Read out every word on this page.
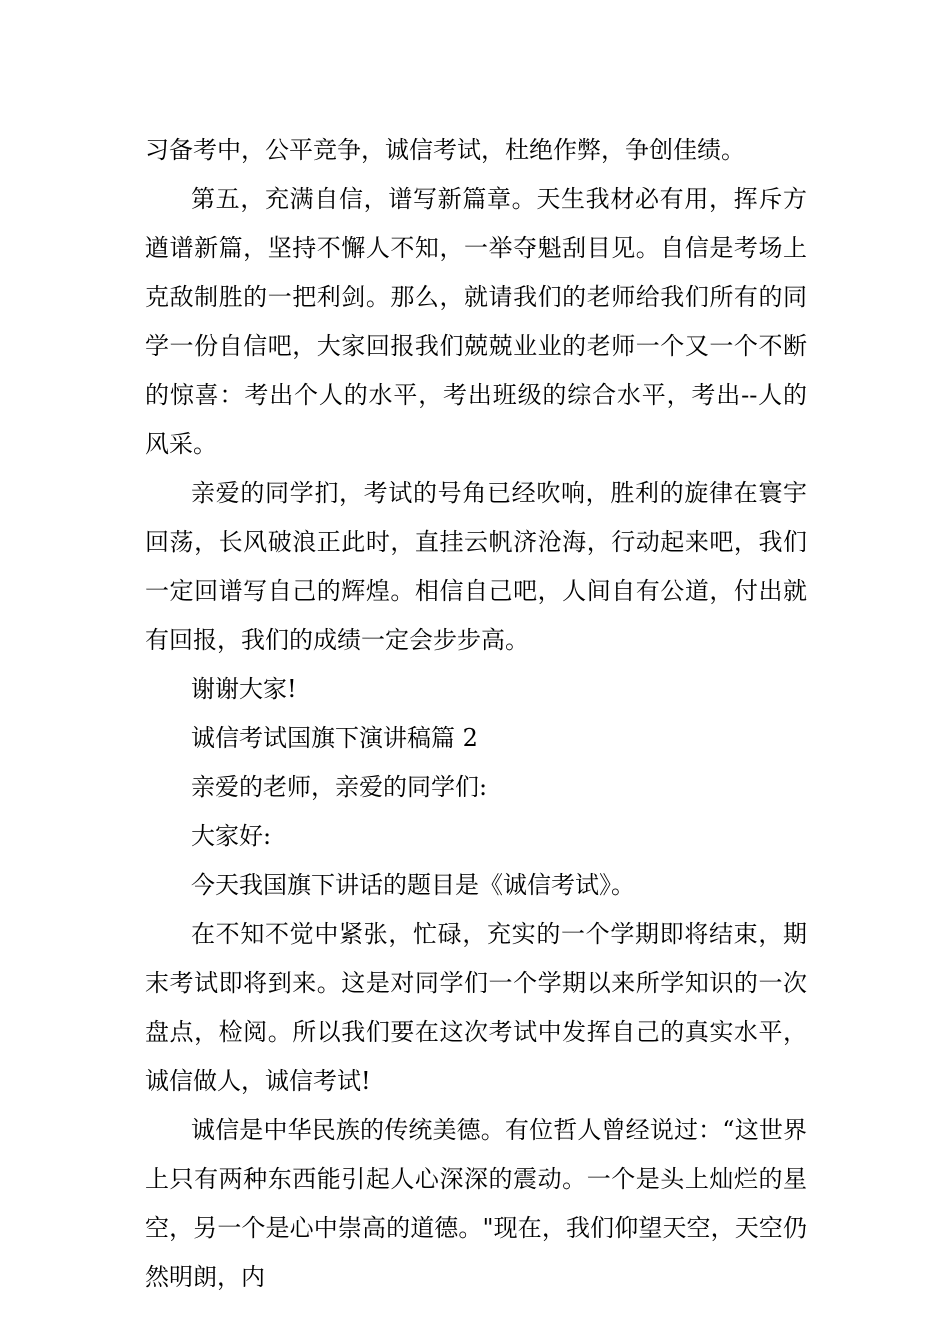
习备考中，公平竞争，诚信考试，杜绝作弊，争创佳绩。

第五，充满自信，谱写新篇章。天生我材必有用，挥斥方遒谱新篇，坚持不懈人不知，一举夺魁刮目见。自信是考场上克敌制胜的一把利剑。那么，就请我们的老师给我们所有的同学一份自信吧，大家回报我们兢兢业业的老师一个又一个不断的惊喜：考出个人的水平，考出班级的综合水平，考出--人的风采。

亲爱的同学扪，考试的号角已经吹响，胜利的旋律在寰宇回荡，长风破浪正此时，直挂云帆济沧海，行动起来吧，我们一定回谱写自己的辉煌。相信自己吧，人间自有公道，付出就有回报，我们的成绩一定会步步高。

谢谢大家!

诚信考试国旗下演讲稿篇 2

亲爱的老师，亲爱的同学们:

大家好:

今天我国旗下讲话的题目是《诚信考试》。

在不知不觉中紧张，忙碌，充实的一个学期即将结束，期末考试即将到来。这是对同学们一个学期以来所学知识的一次盘点，检阅。所以我们要在这次考试中发挥自己的真实水平，诚信做人，诚信考试!

诚信是中华民族的传统美德。有位哲人曾经说过：“这世界上只有两种东西能引起人心深深的震动。一个是头上灿烂的星空，另一个是心中崇高的道德。"现在，我们仰望天空，天空仍然明朗，内
